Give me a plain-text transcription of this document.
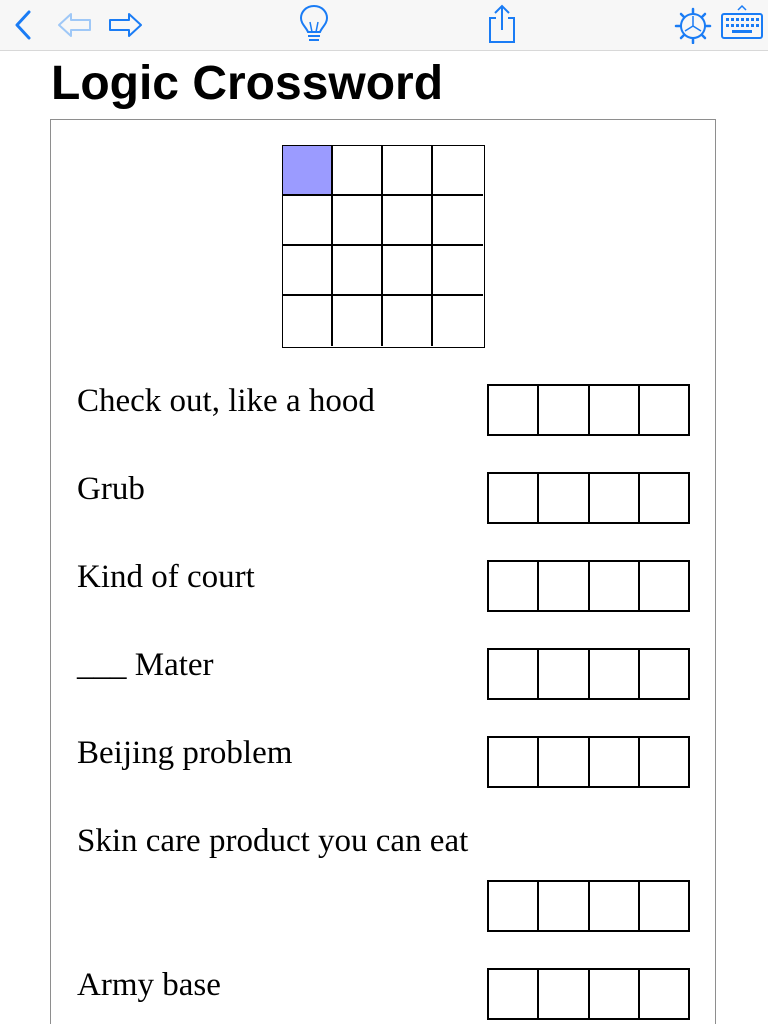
Logic Crossword
Check out, like a hood
Grub
Kind of court
___ Mater
Beijing problem
Skin care product you can eat
Army base
